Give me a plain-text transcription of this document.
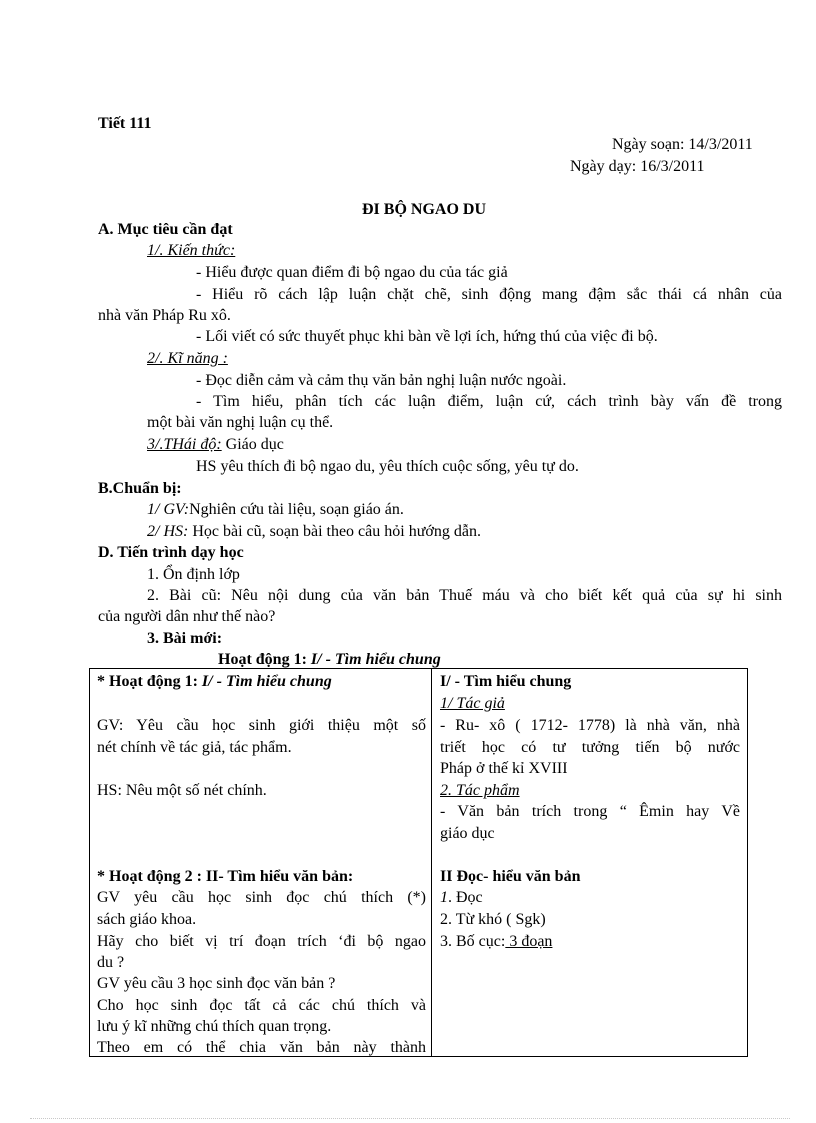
Tiết 111
Ngày soạn: 14/3/2011
Ngày dạy: 16/3/2011
ĐI BỘ NGAO DU
A. Mục tiêu cần đạt
1/. Kiến thức:
- Hiểu được quan điểm đi bộ ngao du của tác giả
- Hiểu rõ cách lập luận chặt chẽ, sinh động mang đậm sắc thái cá nhân của
nhà văn Pháp Ru xô.
- Lối viết có sức thuyết phục khi bàn về lợi ích, hứng thú của việc đi bộ.
2/. Kĩ năng :
- Đọc diễn cảm và cảm thụ văn bản nghị luận nước ngoài.
- Tìm hiểu, phân tích các luận điểm, luận cứ, cách trình bày vấn đề trong
một bài văn nghị luận cụ thể.
3/.THái độ: Giáo dục
HS yêu thích đi bộ ngao du, yêu thích cuộc sống, yêu tự do.
B.Chuẩn bị:
1/ GV:Nghiên cứu tài liệu, soạn giáo án.
2/ HS: Học bài cũ, soạn bài theo câu hỏi hướng dẫn.
D. Tiến trình dạy học
1. Ổn định lớp
2. Bài cũ: Nêu nội dung của văn bản Thuế máu và cho biết kết quả của sự hi sinh
của người dân như thế nào?
3. Bài mới:
Hoạt động 1: I/ - Tìm hiểu chung
* Hoạt động 1: I/ - Tìm hiểu chung
GV: Yêu cầu học sinh giới thiệu một số
nét chính về tác giả, tác phẩm.
HS: Nêu một số nét chính.
* Hoạt động 2 : II- Tìm hiểu văn bản:
GV yêu cầu học sinh đọc chú thích (*)
sách giáo khoa.
Hãy cho biết vị trí đoạn trích ‘đi bộ ngao
du ?
GV yêu cầu 3 học sinh đọc văn bản ?
Cho học sinh đọc tất cả các chú thích và
lưu ý kĩ những chú thích quan trọng.
Theo em có thể chia văn bản này thành

I/ - Tìm hiểu chung
1/ Tác giả
- Ru- xô ( 1712- 1778) là nhà văn, nhà
triết học có tư tưởng tiến bộ nước
Pháp ở thế kỉ XVIII
2. Tác phẩm
- Văn bản trích trong “ Êmin hay Về
giáo dục
II Đọc- hiểu văn bản
1. Đọc
2. Từ khó ( Sgk)
3. Bố cục: 3 đoạn
